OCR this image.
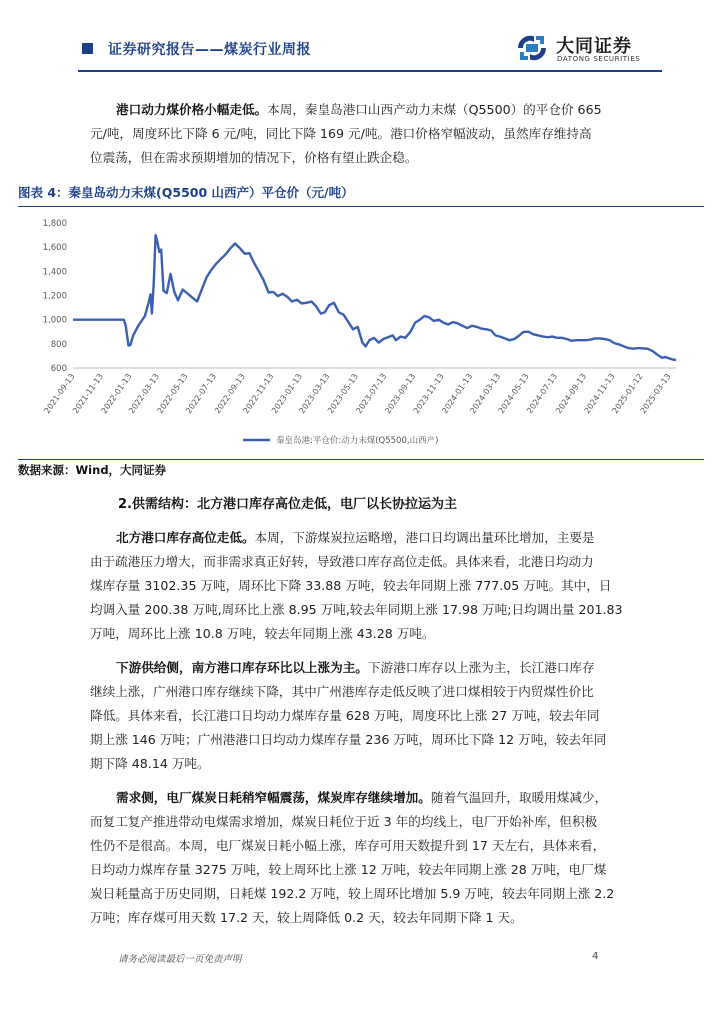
证券研究报告——煤炭行业周报	大同证券
DATONG SECURITIES
港口动力煤价格小幅走低。本周，秦皇岛港口山西产动力末煤（Q5500）的平仓价 665
元/吨，周度环比下降 6 元/吨，同比下降 169 元/吨。港口价格窄幅波动，虽然库存维持高
位震荡，但在需求预期增加的情况下，价格有望止跌企稳。
图表 4：秦皇岛动力末煤(Q5500 山西产）平仓价（元/吨）
600
800
1,000
1,200
1,400
1,600
1,800
2021-09-13
2021-11-13
2022-01-13
2022-03-13
2022-05-13
2022-07-13
2022-09-13
2022-11-13
2023-01-13
2023-03-13
2023-05-13
2023-07-13
2023-09-13
2023-11-13
2024-01-13
2024-03-13
2024-05-13
2024-07-13
2024-09-13
2024-11-13
2025-01-12
2025-03-13
秦皇岛港:平仓价:动力末煤(Q5500,山西产)
数据来源：Wind，大同证券
2.供需结构：北方港口库存高位走低，电厂以长协拉运为主
北方港口库存高位走低。本周，下游煤炭拉运略增，港口日均调出量环比增加，主要是
由于疏港压力增大，而非需求真正好转，导致港口库存高位走低。具体来看，北港日均动力
煤库存量 3102.35 万吨，周环比下降 33.88 万吨，较去年同期上涨 777.05 万吨。其中，日
均调入量 200.38 万吨,周环比上涨 8.95 万吨,较去年同期上涨 17.98 万吨;日均调出量 201.83
万吨，周环比上涨 10.8 万吨，较去年同期上涨 43.28 万吨。
下游供给侧，南方港口库存环比以上涨为主。下游港口库存以上涨为主，长江港口库存
继续上涨，广州港口库存继续下降，其中广州港库存走低反映了进口煤相较于内贸煤性价比
降低。具体来看，长江港口日均动力煤库存量 628 万吨，周度环比上涨 27 万吨，较去年同
期上涨 146 万吨；广州港港口日均动力煤库存量 236 万吨，周环比下降 12 万吨，较去年同
期下降 48.14 万吨。
需求侧，电厂煤炭日耗稍窄幅震荡，煤炭库存继续增加。随着气温回升，取暖用煤减少，
而复工复产推进带动电煤需求增加，煤炭日耗位于近 3 年的均线上，电厂开始补库，但积极
性仍不是很高。本周，电厂煤炭日耗小幅上涨，库存可用天数提升到 17 天左右，具体来看，
日均动力煤库存量 3275 万吨，较上周环比上涨 12 万吨，较去年同期上涨 28 万吨，电厂煤
炭日耗量高于历史同期，日耗煤 192.2 万吨，较上周环比增加 5.9 万吨，较去年同期上涨 2.2
万吨；库存煤可用天数 17.2 天，较上周降低 0.2 天，较去年同期下降 1 天。
请务必阅读最后一页免责声明	4
